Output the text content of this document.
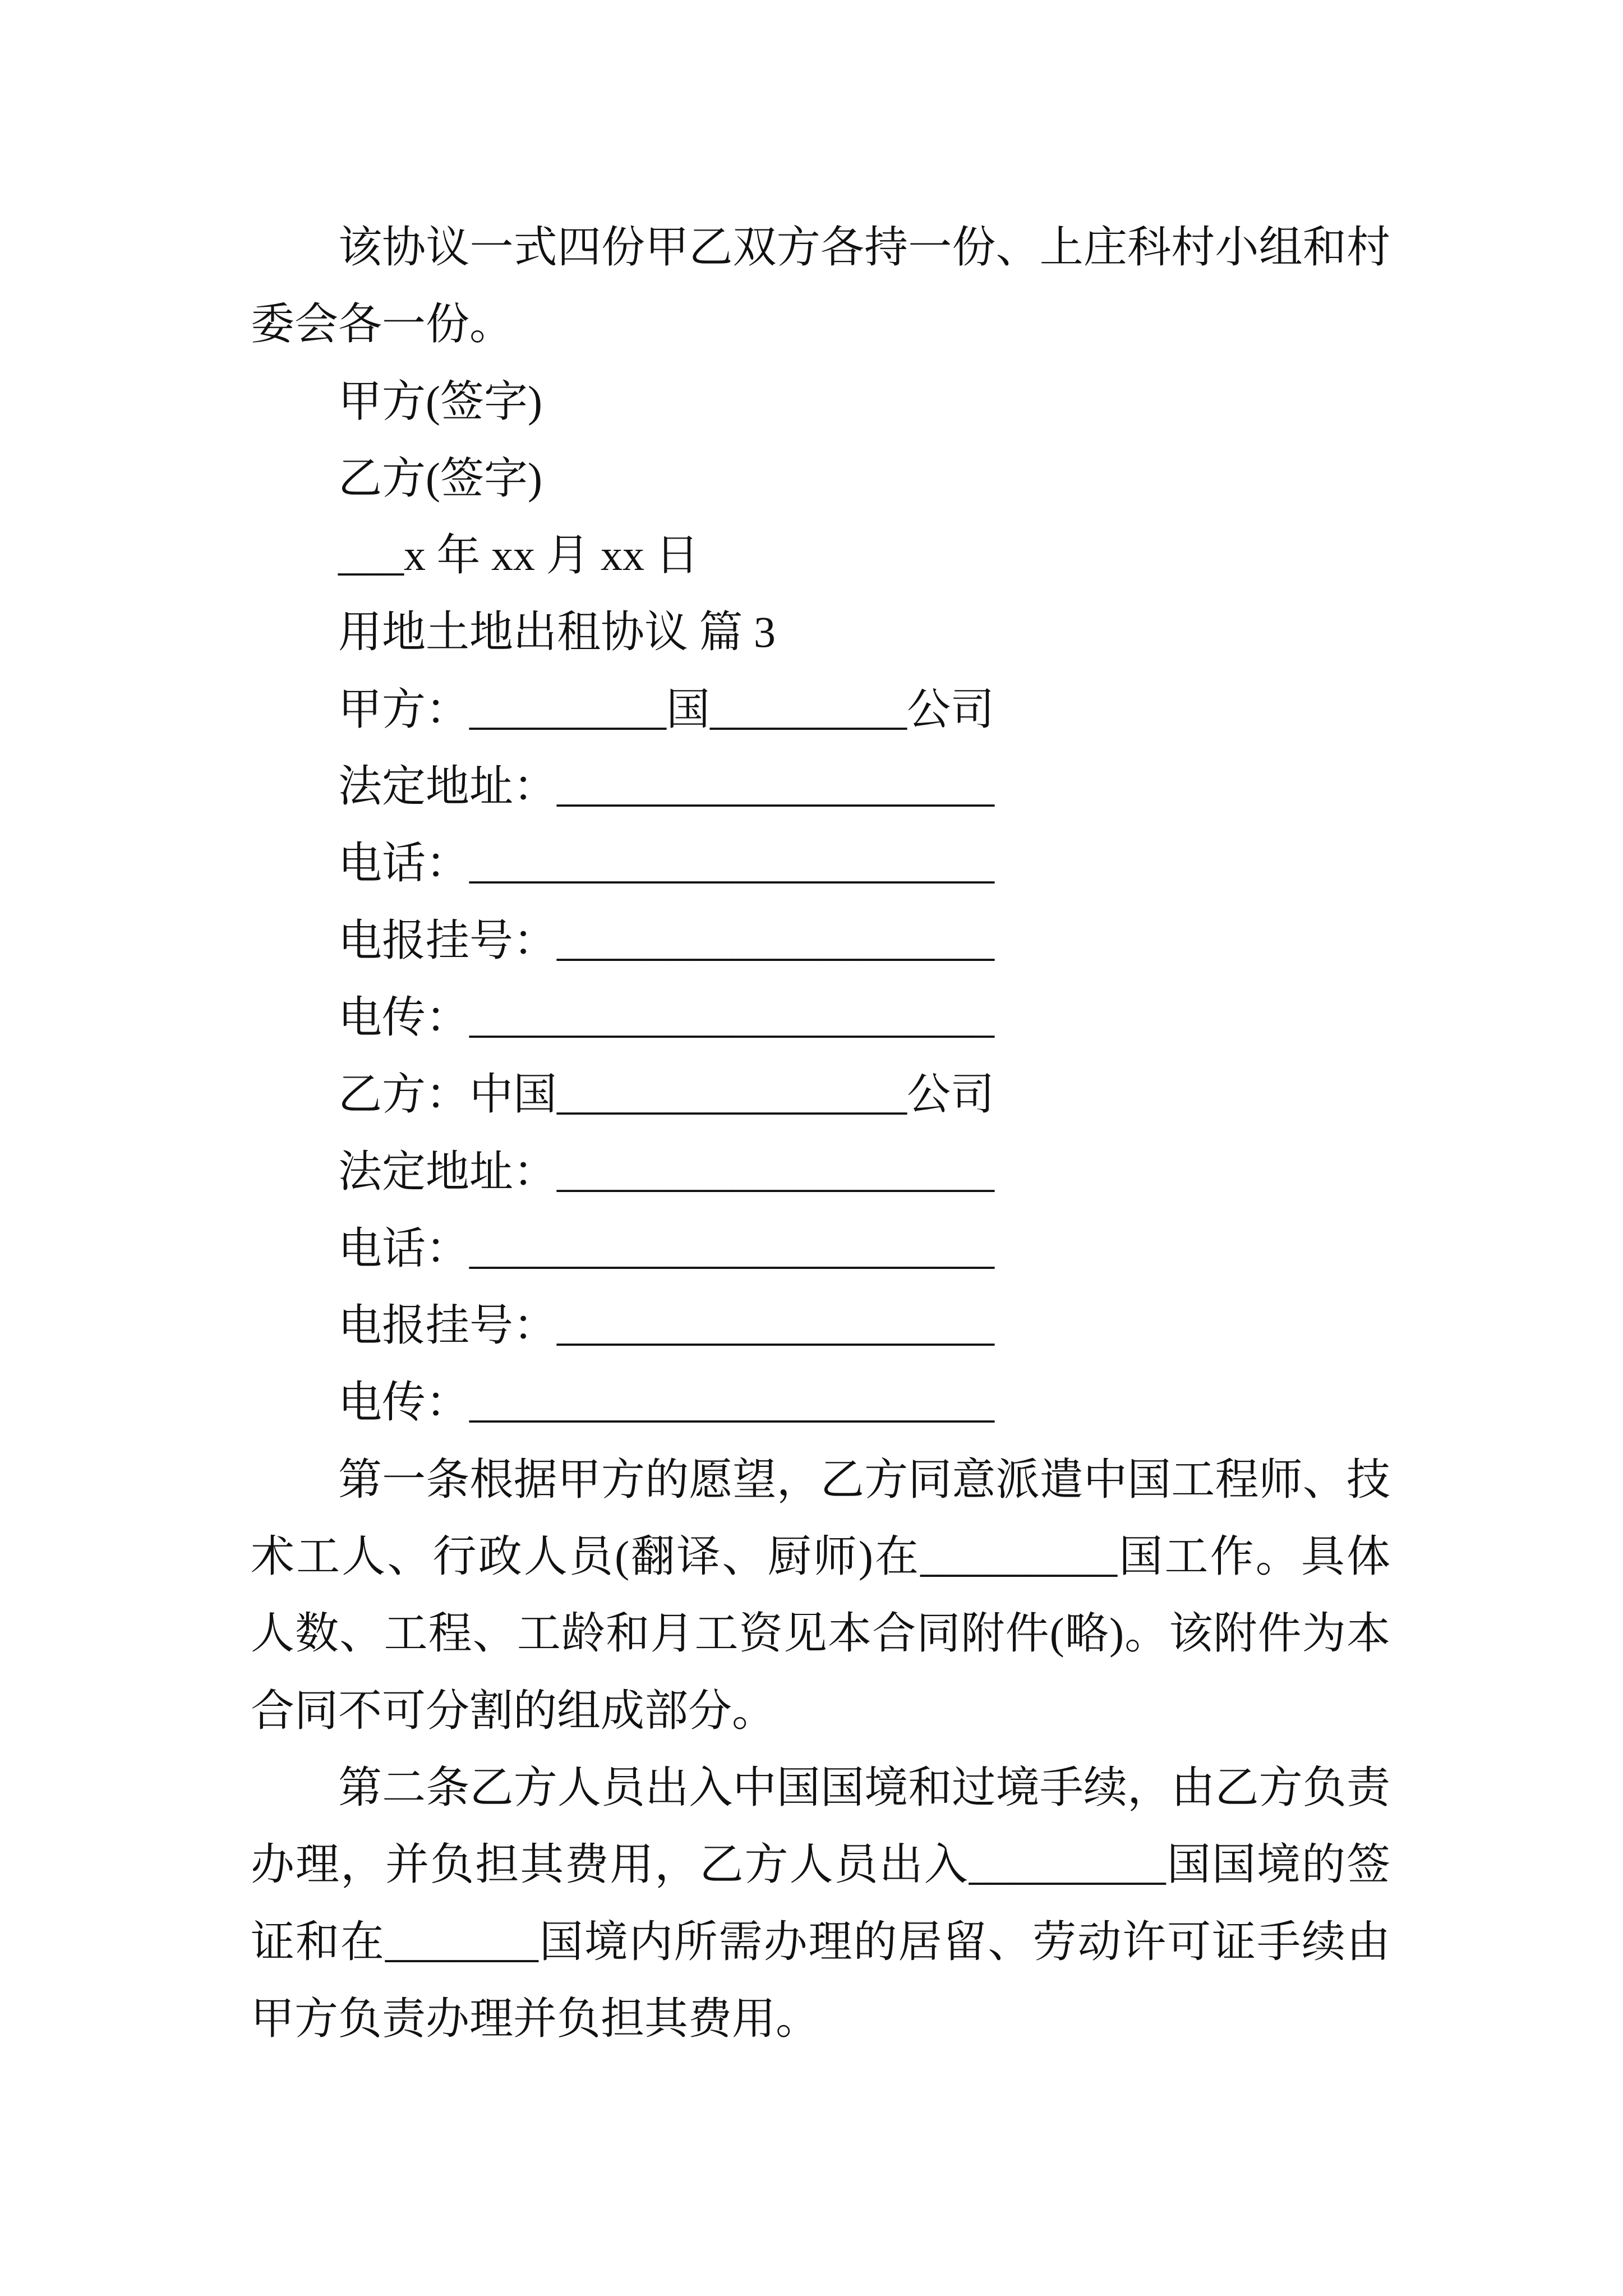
该协议一式四份甲乙双方各持一份、上庄科村小组和村委会各一份。

甲方(签字)

乙方(签字)

___x 年 xx 月 xx 日

用地土地出租协议 篇 3

甲方：_________国_________公司

法定地址：____________________

电话：________________________

电报挂号：____________________

电传：________________________

乙方：中国________________公司

法定地址：____________________

电话：________________________

电报挂号：____________________

电传：________________________

第一条根据甲方的愿望，乙方同意派遣中国工程师、技术工人、行政人员(翻译、厨师)在_________国工作。具体人数、工程、工龄和月工资见本合同附件(略)。该附件为本合同不可分割的组成部分。

第二条乙方人员出入中国国境和过境手续，由乙方负责办理，并负担其费用，乙方人员出入_________国国境的签证和在_______国境内所需办理的居留、劳动许可证手续由甲方负责办理并负担其费用。
